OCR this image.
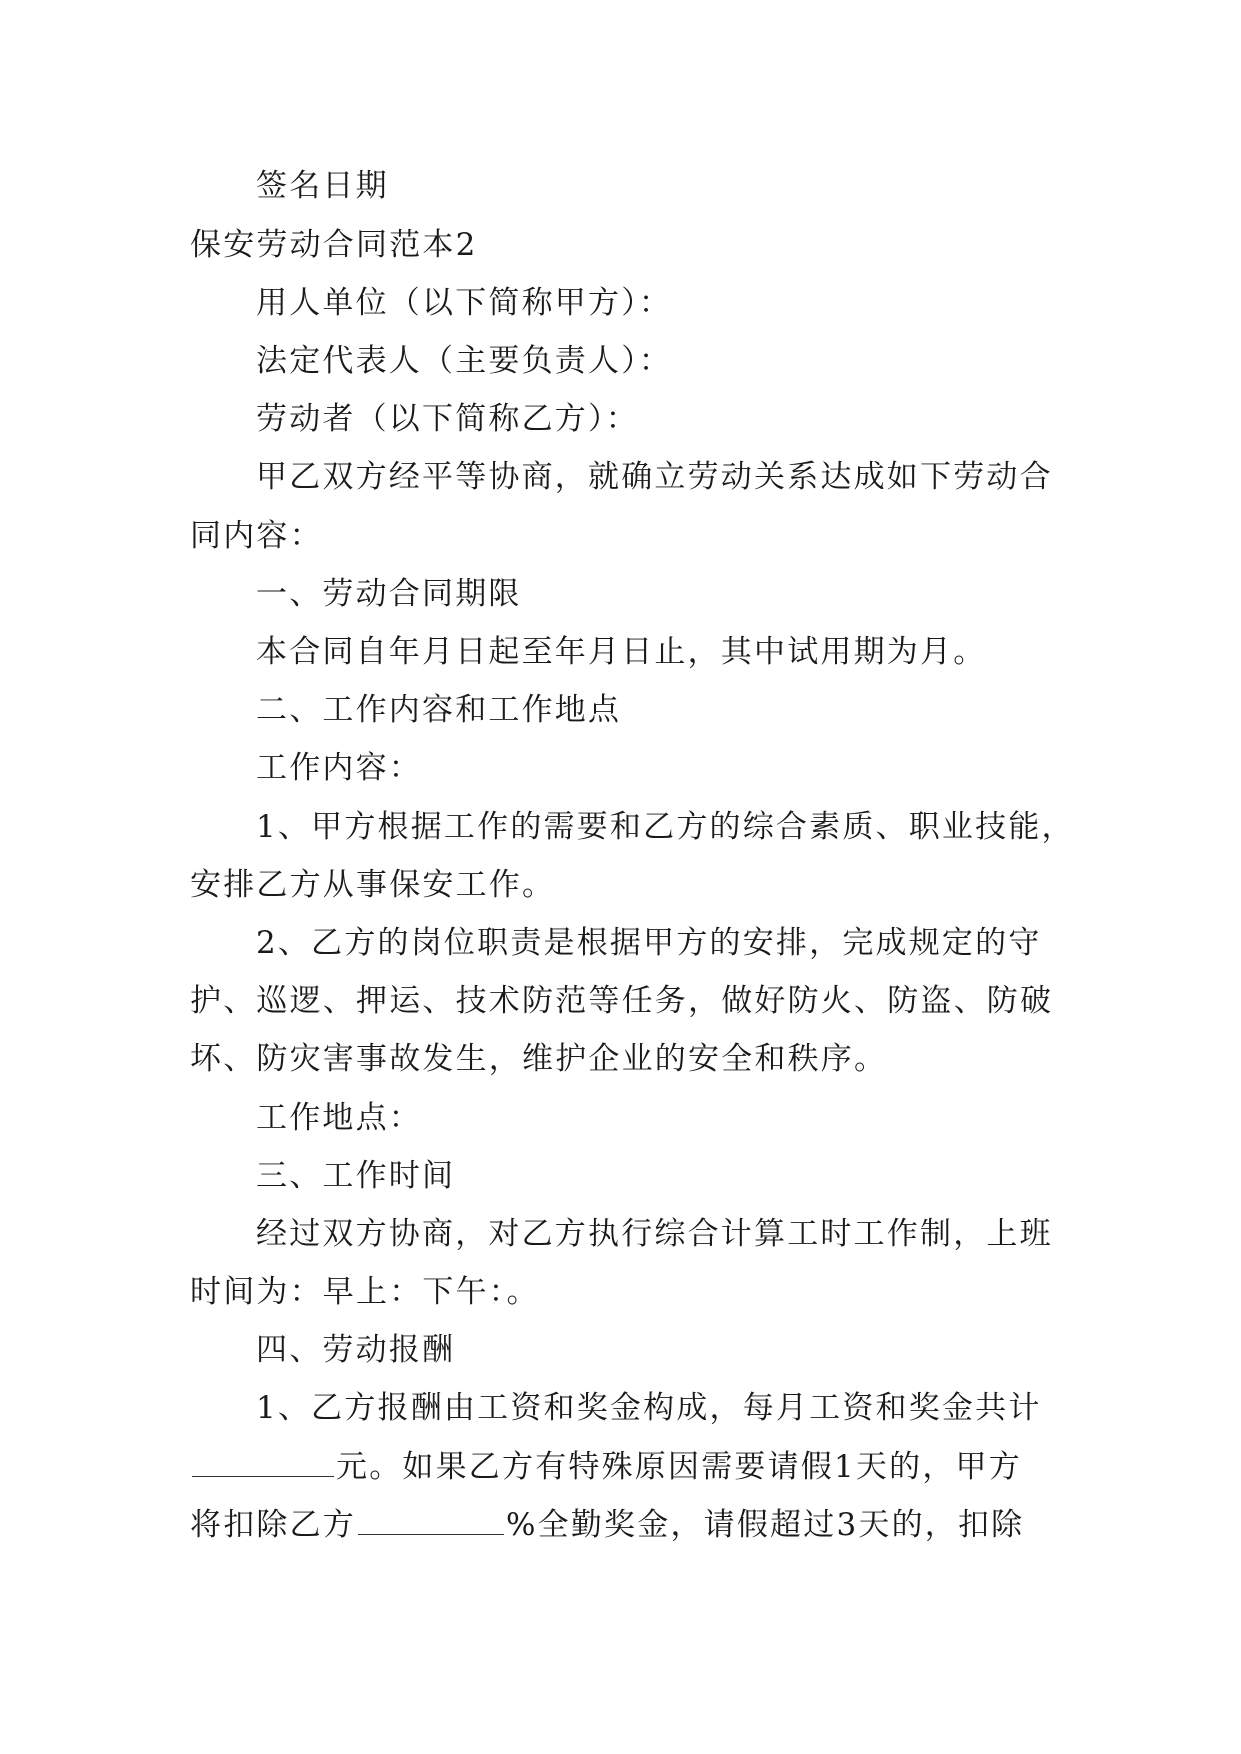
签名日期
保安劳动合同范本2
用人单位（以下简称甲方）：
法定代表人（主要负责人）：
劳动者（以下简称乙方）：
甲乙双方经平等协商，就确立劳动关系达成如下劳动合
同内容：
一、劳动合同期限
本合同自年月日起至年月日止，其中试用期为月。
二、工作内容和工作地点
工作内容：
1、甲方根据工作的需要和乙方的综合素质、职业技能，
安排乙方从事保安工作。
2、乙方的岗位职责是根据甲方的安排，完成规定的守
护、巡逻、押运、技术防范等任务，做好防火、防盗、防破
坏、防灾害事故发生，维护企业的安全和秩序。
工作地点：
三、工作时间
经过双方协商，对乙方执行综合计算工时工作制，上班
时间为：早上：下午：。
四、劳动报酬
1、乙方报酬由工资和奖金构成，每月工资和奖金共计
元。如果乙方有特殊原因需要请假1天的，甲方
将扣除乙方	%全勤奖金，请假超过3天的，扣除
